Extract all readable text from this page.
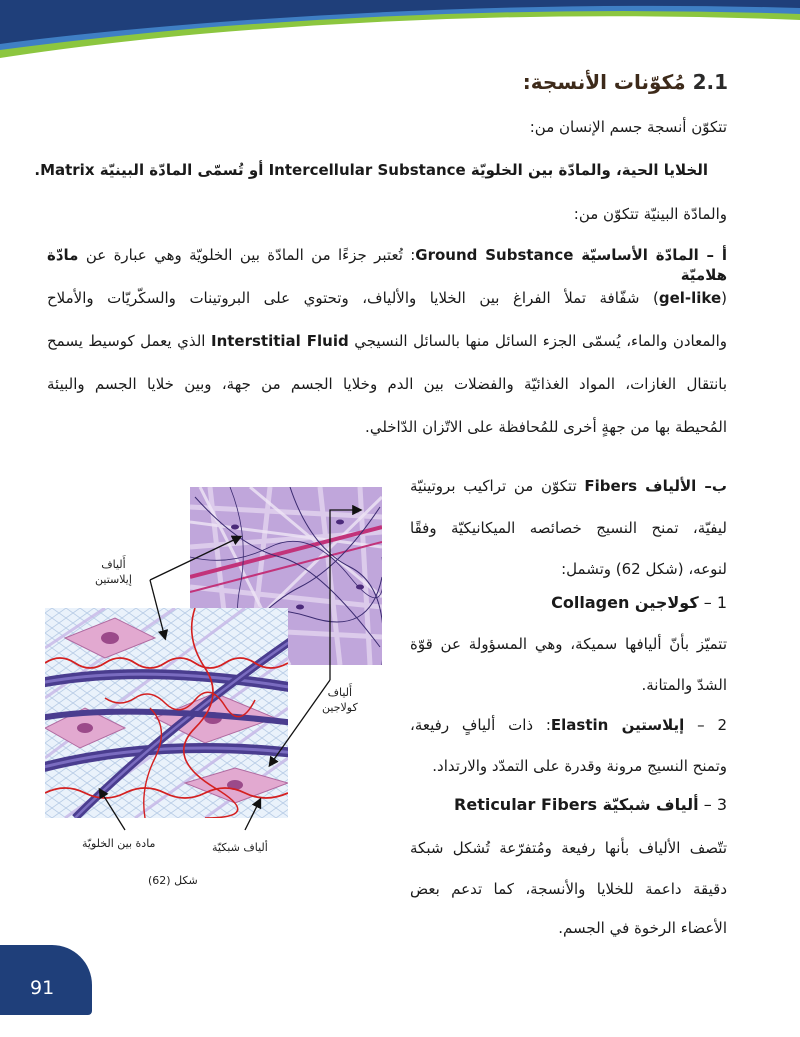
2.1 مُكوّنات الأنسجة:
تتكوّن أنسجة جسم الإنسان من:
الخلايا الحية، والمادّة بين الخلويّة Intercellular Substance أو تُسمّى المادّة البينيّة Matrix.
والمادّة البينيّة تتكوّن من:
أ – المادّة الأساسيّة Ground Substance: تُعتبر جزءًا من المادّة بين الخلويّة وهي عبارة عن مادّة هلاميّة
(gel-like) شفّافة تملأ الفراغ بين الخلايا والألياف، وتحتوي على البروتينات والسكّريّات والأملاح
والمعادن والماء، يُسمّى الجزء السائل منها بالسائل النسيجي Interstitial Fluid الذي يعمل كوسيط يسمح
بانتقال الغازات، المواد الغذائيّة والفضلات بين الدم وخلايا الجسم من جهة، وبين خلايا الجسم والبيئة
المُحيطة بها من جهةٍ أخرى للمُحافظة على الاتّزان الدّاخلي.
ب– الألياف Fibers تتكوّن من تراكيب بروتينيّة
ليفيّة، تمنح النسيج خصائصه الميكانيكيّة وفقًا
لنوعه، (شكل 62) وتشمل:
1 – كولاجين Collagen
تتميّز بأنّ أليافها سميكة، وهي المسؤولة عن قوّة
الشدّ والمتانة.
2 – إيلاستين Elastin: ذات أليافٍ رفيعة،
وتمنح النسيج مرونة وقدرة على التمدّد والارتداد.
3 – ألياف شبكيّة Reticular Fibers
تتّصف الألياف بأنها رفيعة ومُتفرّعة تُشكل شبكة
دقيقة داعمة للخلايا والأنسجة، كما تدعم بعض
الأعضاء الرخوة في الجسم.
أَلياف
إيلاستين
أَلياف
كولاجين
ألياف شبكيّة
مادة بين الخلويّة
شكل (62)
91
